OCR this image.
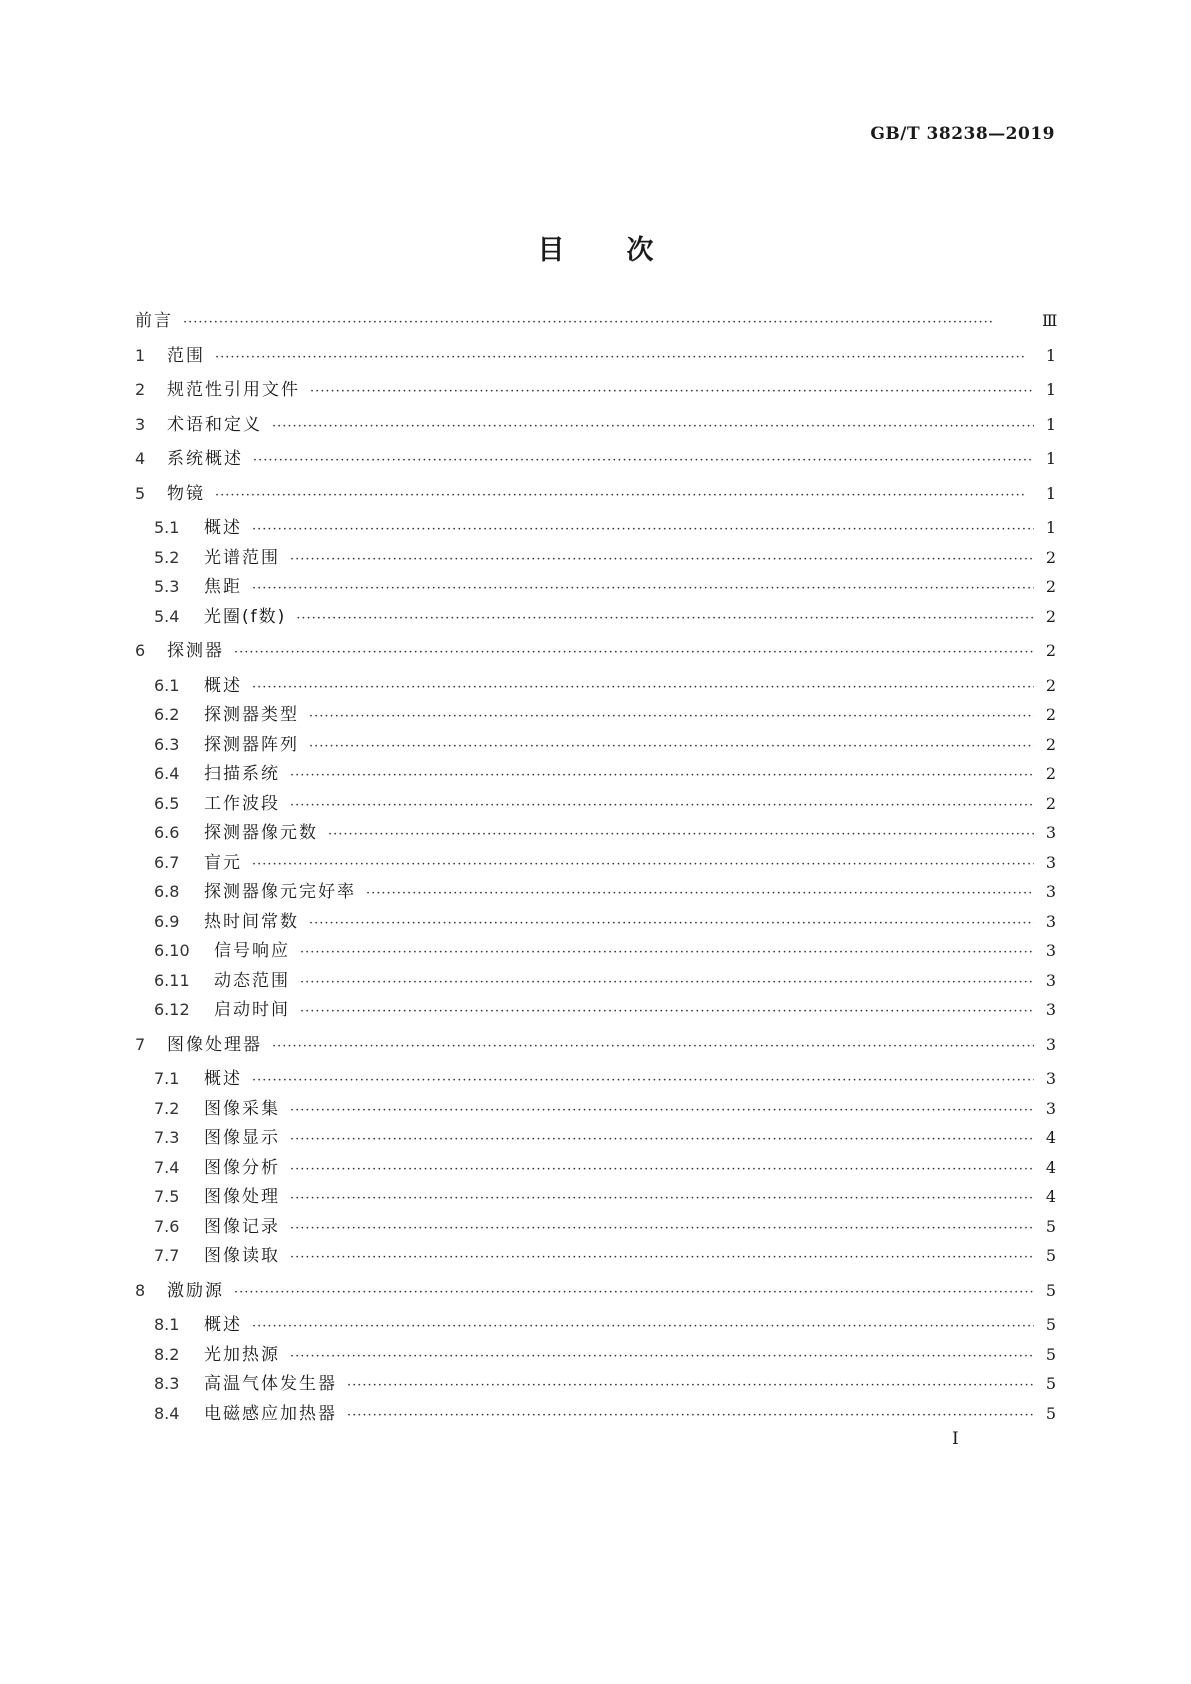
GB/T 38238—2019
目 次
前言 ·····	Ⅲ
1	范围 ·····	1
2	规范性引用文件 ·····	1
3	术语和定义 ·····	1
4	系统概述 ·····	1
5	物镜 ·····	1
5.1	概述 ·····	1
5.2	光谱范围 ·····	2
5.3	焦距 ·····	2
5.4	光圈(f数) ·····	2
6	探测器 ·····	2
6.1	概述 ·····	2
6.2	探测器类型 ·····	2
6.3	探测器阵列 ·····	2
6.4	扫描系统 ·····	2
6.5	工作波段 ·····	2
6.6	探测器像元数 ·····	3
6.7	盲元 ·····	3
6.8	探测器像元完好率 ·····	3
6.9	热时间常数 ·····	3
6.10	信号响应 ·····	3
6.11	动态范围 ·····	3
6.12	启动时间 ·····	3
7	图像处理器 ·····	3
7.1	概述 ·····	3
7.2	图像采集 ·····	3
7.3	图像显示 ·····	4
7.4	图像分析 ·····	4
7.5	图像处理 ·····	4
7.6	图像记录 ·····	5
7.7	图像读取 ·····	5
8	激励源 ·····	5
8.1	概述 ·····	5
8.2	光加热源 ·····	5
8.3	高温气体发生器 ·····	5
8.4	电磁感应加热器 ·····	5
Ⅰ
